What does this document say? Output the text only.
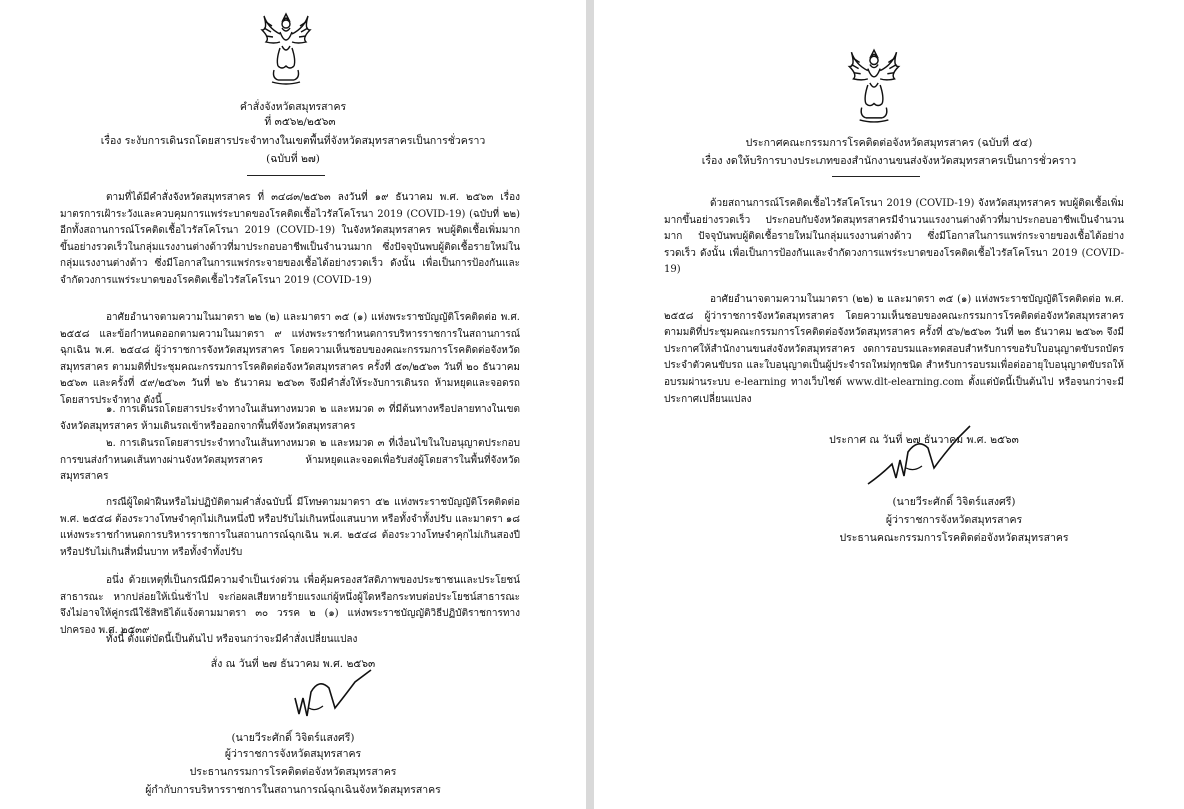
คำสั่งจังหวัดสมุทรสาคร
ที่ ๓๕๖๒/๒๕๖๓
เรื่อง ระงับการเดินรถโดยสารประจำทางในเขตพื้นที่จังหวัดสมุทรสาครเป็นการชั่วคราว
(ฉบับที่ ๒๗)
ตามที่ได้มีคำสั่งจังหวัดสมุทรสาคร ที่ ๓๔๘๓/๒๕๖๓ ลงวันที่ ๑๙ ธันวาคม พ.ศ. ๒๕๖๓ เรื่อง มาตรการเฝ้าระวังและควบคุมการแพร่ระบาดของโรคติดเชื้อไวรัสโคโรนา 2019 (COVID-19) (ฉบับที่ ๒๒) อีกทั้งสถานการณ์โรคติดเชื้อไวรัสโคโรนา 2019 (COVID-19) ในจังหวัดสมุทรสาคร พบผู้ติดเชื้อเพิ่มมากขึ้นอย่างรวดเร็วในกลุ่มแรงงานต่างด้าวที่มาประกอบอาชีพเป็นจำนวนมาก ซึ่งปัจจุบันพบผู้ติดเชื้อรายใหม่ในกลุ่มแรงงานต่างด้าว ซึ่งมีโอกาสในการแพร่กระจายของเชื้อได้อย่างรวดเร็ว ดังนั้น เพื่อเป็นการป้องกันและจำกัดวงการแพร่ระบาดของโรคติดเชื้อไวรัสโคโรนา 2019 (COVID-19)
อาศัยอำนาจตามความในมาตรา ๒๒ (๒) และมาตรา ๓๕ (๑) แห่งพระราชบัญญัติโรคติดต่อ พ.ศ. ๒๕๕๘ และข้อกำหนดออกตามความในมาตรา ๙ แห่งพระราชกำหนดการบริหารราชการในสถานการณ์ฉุกเฉิน พ.ศ. ๒๕๔๘ ผู้ว่าราชการจังหวัดสมุทรสาคร โดยความเห็นชอบของคณะกรรมการโรคติดต่อจังหวัดสมุทรสาคร ตามมติที่ประชุมคณะกรรมการโรคติดต่อจังหวัดสมุทรสาคร ครั้งที่ ๕๓/๒๕๖๓ วันที่ ๒๐ ธันวาคม ๒๕๖๓ และครั้งที่ ๕๙/๒๕๖๓ วันที่ ๒๖ ธันวาคม ๒๕๖๓ จึงมีคำสั่งให้ระงับการเดินรถ ห้ามหยุดและจอดรถโดยสารประจำทาง ดังนี้
๑. การเดินรถโดยสารประจำทางในเส้นทางหมวด ๒ และหมวด ๓ ที่มีต้นทางหรือปลายทางในเขตจังหวัดสมุทรสาคร ห้ามเดินรถเข้าหรือออกจากพื้นที่จังหวัดสมุทรสาคร
๒. การเดินรถโดยสารประจำทางในเส้นทางหมวด ๒ และหมวด ๓ ที่เงื่อนไขในใบอนุญาตประกอบการขนส่งกำหนดเส้นทางผ่านจังหวัดสมุทรสาคร ห้ามหยุดและจอดเพื่อรับส่งผู้โดยสารในพื้นที่จังหวัดสมุทรสาคร
กรณีผู้ใดฝ่าฝืนหรือไม่ปฏิบัติตามคำสั่งฉบับนี้ มีโทษตามมาตรา ๕๒ แห่งพระราชบัญญัติโรคติดต่อ พ.ศ. ๒๕๕๘ ต้องระวางโทษจำคุกไม่เกินหนึ่งปี หรือปรับไม่เกินหนึ่งแสนบาท หรือทั้งจำทั้งปรับ และมาตรา ๑๘ แห่งพระราชกำหนดการบริหารราชการในสถานการณ์ฉุกเฉิน พ.ศ. ๒๕๔๘ ต้องระวางโทษจำคุกไม่เกินสองปี หรือปรับไม่เกินสี่หมื่นบาท หรือทั้งจำทั้งปรับ
อนึ่ง ด้วยเหตุที่เป็นกรณีมีความจำเป็นเร่งด่วน เพื่อคุ้มครองสวัสดิภาพของประชาชนและประโยชน์สาธารณะ หากปล่อยให้เนิ่นช้าไป จะก่อผลเสียหายร้ายแรงแก่ผู้หนึ่งผู้ใดหรือกระทบต่อประโยชน์สาธารณะ จึงไม่อาจให้คู่กรณีใช้สิทธิได้แจ้งตามมาตรา ๓๐ วรรค ๒ (๑) แห่งพระราชบัญญัติวิธีปฏิบัติราชการทางปกครอง พ.ศ. ๒๕๓๙
ทั้งนี้ ตั้งแต่บัดนี้เป็นต้นไป หรือจนกว่าจะมีคำสั่งเปลี่ยนแปลง
สั่ง ณ วันที่ ๒๗ ธันวาคม พ.ศ. ๒๕๖๓
(นายวีระศักดิ์ วิจิตร์แสงศรี)
ผู้ว่าราชการจังหวัดสมุทรสาคร
ประธานกรรมการโรคติดต่อจังหวัดสมุทรสาคร
ผู้กำกับการบริหารราชการในสถานการณ์ฉุกเฉินจังหวัดสมุทรสาคร
ประกาศคณะกรรมการโรคติดต่อจังหวัดสมุทรสาคร (ฉบับที่ ๕๔)
เรื่อง งดให้บริการบางประเภทของสำนักงานขนส่งจังหวัดสมุทรสาครเป็นการชั่วคราว
ด้วยสถานการณ์โรคติดเชื้อไวรัสโคโรนา 2019 (COVID-19) จังหวัดสมุทรสาคร พบผู้ติดเชื้อเพิ่มมากขึ้นอย่างรวดเร็ว ประกอบกับจังหวัดสมุทรสาครมีจำนวนแรงงานต่างด้าวที่มาประกอบอาชีพเป็นจำนวนมาก ปัจจุบันพบผู้ติดเชื้อรายใหม่ในกลุ่มแรงงานต่างด้าว ซึ่งมีโอกาสในการแพร่กระจายของเชื้อได้อย่างรวดเร็ว ดังนั้น เพื่อเป็นการป้องกันและจำกัดวงการแพร่ระบาดของโรคติดเชื้อไวรัสโคโรนา 2019 (COVID-19)
อาศัยอำนาจตามความในมาตรา (๒๒) ๒ และมาตรา ๓๕ (๑) แห่งพระราชบัญญัติโรคติดต่อ พ.ศ. ๒๕๕๘ ผู้ว่าราชการจังหวัดสมุทรสาคร โดยความเห็นชอบของคณะกรรมการโรคติดต่อจังหวัดสมุทรสาคร ตามมติที่ประชุมคณะกรรมการโรคติดต่อจังหวัดสมุทรสาคร ครั้งที่ ๕๖/๒๕๖๓ วันที่ ๒๓ ธันวาคม ๒๕๖๓ จึงมีประกาศให้สำนักงานขนส่งจังหวัดสมุทรสาคร งดการอบรมและทดสอบสำหรับการขอรับใบอนุญาตขับรถบัตรประจำตัวคนขับรถ และใบอนุญาตเป็นผู้ประจำรถใหม่ทุกชนิด สำหรับการอบรมเพื่อต่ออายุใบอนุญาตขับรถให้อบรมผ่านระบบ e-learning ทางเว็บไซต์ www.dlt-elearning.com ตั้งแต่บัดนี้เป็นต้นไป หรือจนกว่าจะมีประกาศเปลี่ยนแปลง
ประกาศ ณ วันที่ ๒๗ ธันวาคม พ.ศ. ๒๕๖๓
(นายวีระศักดิ์ วิจิตร์แสงศรี)
ผู้ว่าราชการจังหวัดสมุทรสาคร
ประธานคณะกรรมการโรคติดต่อจังหวัดสมุทรสาคร
